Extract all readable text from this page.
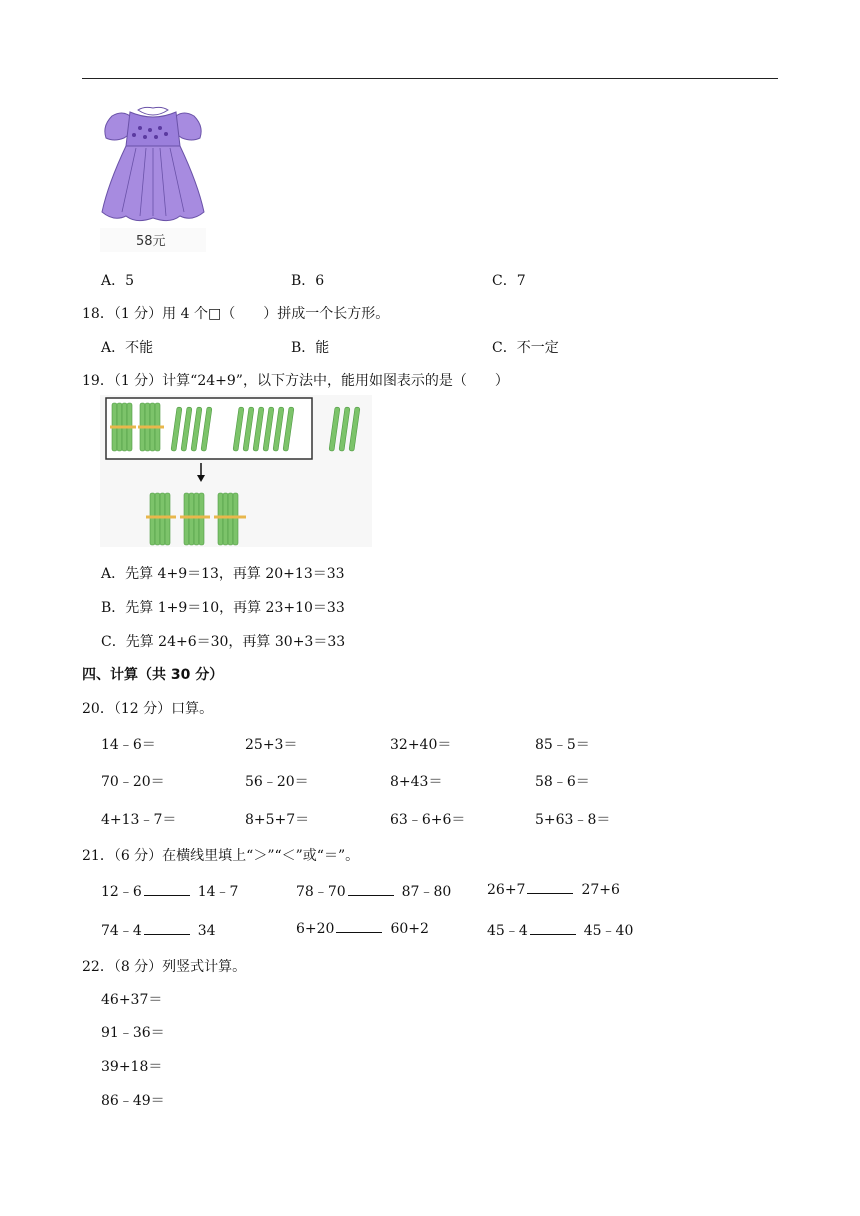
58元
A．5	B．6	C．7
18．（1 分）用 4 个□（　　）拼成一个长方形。
A．不能	B．能	C．不一定
19．（1 分）计算“24+9”，以下方法中，能用如图表示的是（　　）
A．先算 4+9＝13，再算 20+13＝33
B．先算 1+9＝10，再算 23+10＝33
C．先算 24+6＝30，再算 30+3＝33
四、计算（共 30 分）
20．（12 分）口算。
14﹣6＝	25+3＝	32+40＝	85﹣5＝
70﹣20＝	56﹣20＝	8+43＝	58﹣6＝
4+13﹣7＝	8+5+7＝	63﹣6+6＝	5+63﹣8＝
21．（6 分）在横线里填上“＞”“＜”或“＝”。
12﹣6	14﹣7	78﹣70	87﹣80	26+7	27+6
74﹣4	34	6+20	60+2	45﹣4	45﹣40
22．（8 分）列竖式计算。
46+37＝
91﹣36＝
39+18＝
86﹣49＝
